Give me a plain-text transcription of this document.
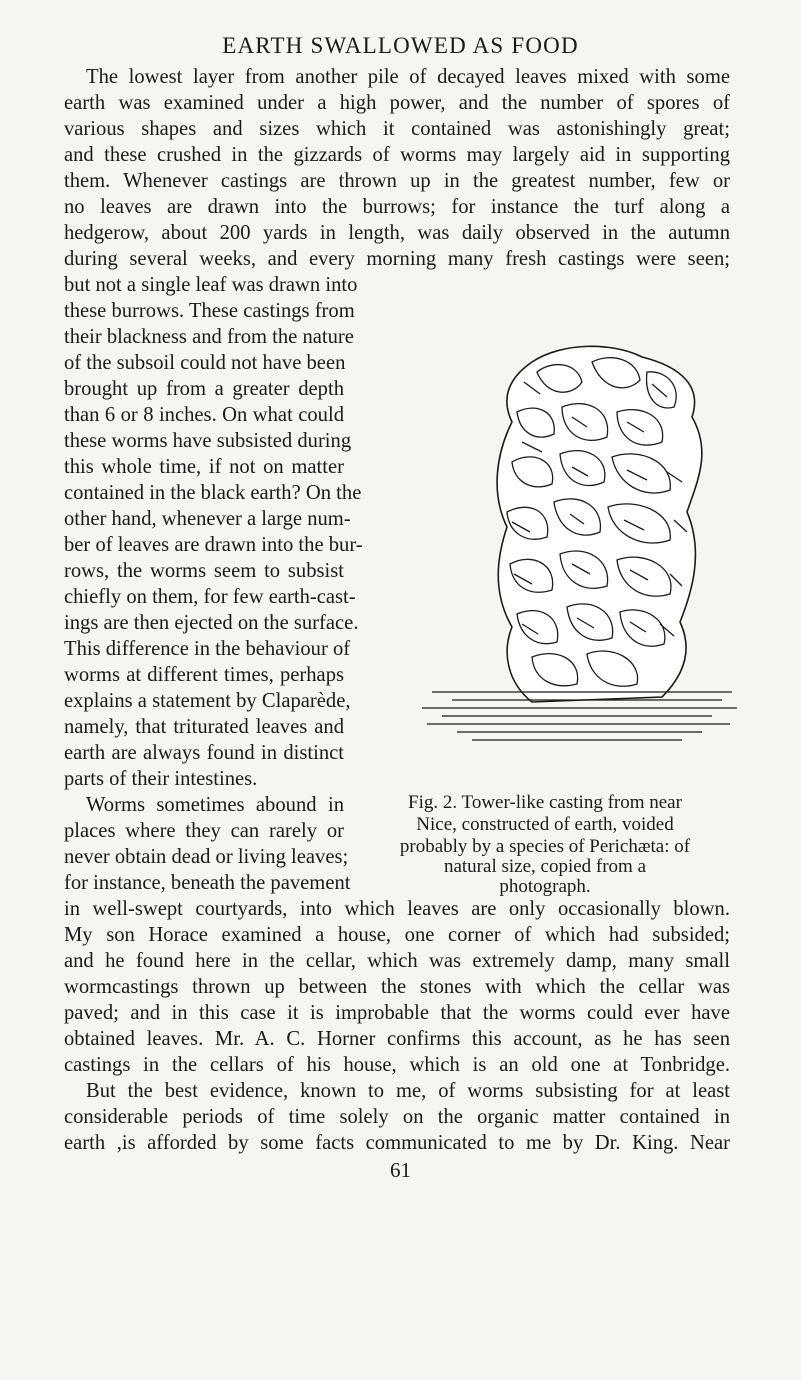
EARTH SWALLOWED AS FOOD
The lowest layer from another pile of decayed leaves mixed with some
earth was examined under a high power, and the number of spores of
various shapes and sizes which it contained was astonishingly great;
and these crushed in the gizzards of worms may largely aid in supporting
them. Whenever castings are thrown up in the greatest number, few or
no leaves are drawn into the burrows; for instance the turf along a
hedgerow, about 200 yards in length, was daily observed in the autumn
during several weeks, and every morning many fresh castings were seen;
but not a single leaf was drawn into
these burrows. These castings from
their blackness and from the nature
of the subsoil could not have been
brought up from a greater depth
than 6 or 8 inches. On what could
these worms have subsisted during
this whole time, if not on matter
contained in the black earth? On the
other hand, whenever a large num-
ber of leaves are drawn into the bur-
rows, the worms seem to subsist
chiefly on them, for few earth-cast-
ings are then ejected on the surface.
This difference in the behaviour of
worms at different times, perhaps
explains a statement by Claparède,
namely, that triturated leaves and
earth are always found in distinct
parts of their intestines.
Worms sometimes abound in
places where they can rarely or
never obtain dead or living leaves;
for instance, beneath the pavement
Fig. 2. Tower-like casting from near
Nice, constructed of earth, voided
probably by a species of Perichæta: of
natural size, copied from a
photograph.
in well-swept courtyards, into which leaves are only occasionally blown.
My son Horace examined a house, one corner of which had subsided;
and he found here in the cellar, which was extremely damp, many small
wormcastings thrown up between the stones with which the cellar was
paved; and in this case it is improbable that the worms could ever have
obtained leaves. Mr. A. C. Horner confirms this account, as he has seen
castings in the cellars of his house, which is an old one at Tonbridge.
But the best evidence, known to me, of worms subsisting for at least
considerable periods of time solely on the organic matter contained in
earth ,is afforded by some facts communicated to me by Dr. King. Near
61
